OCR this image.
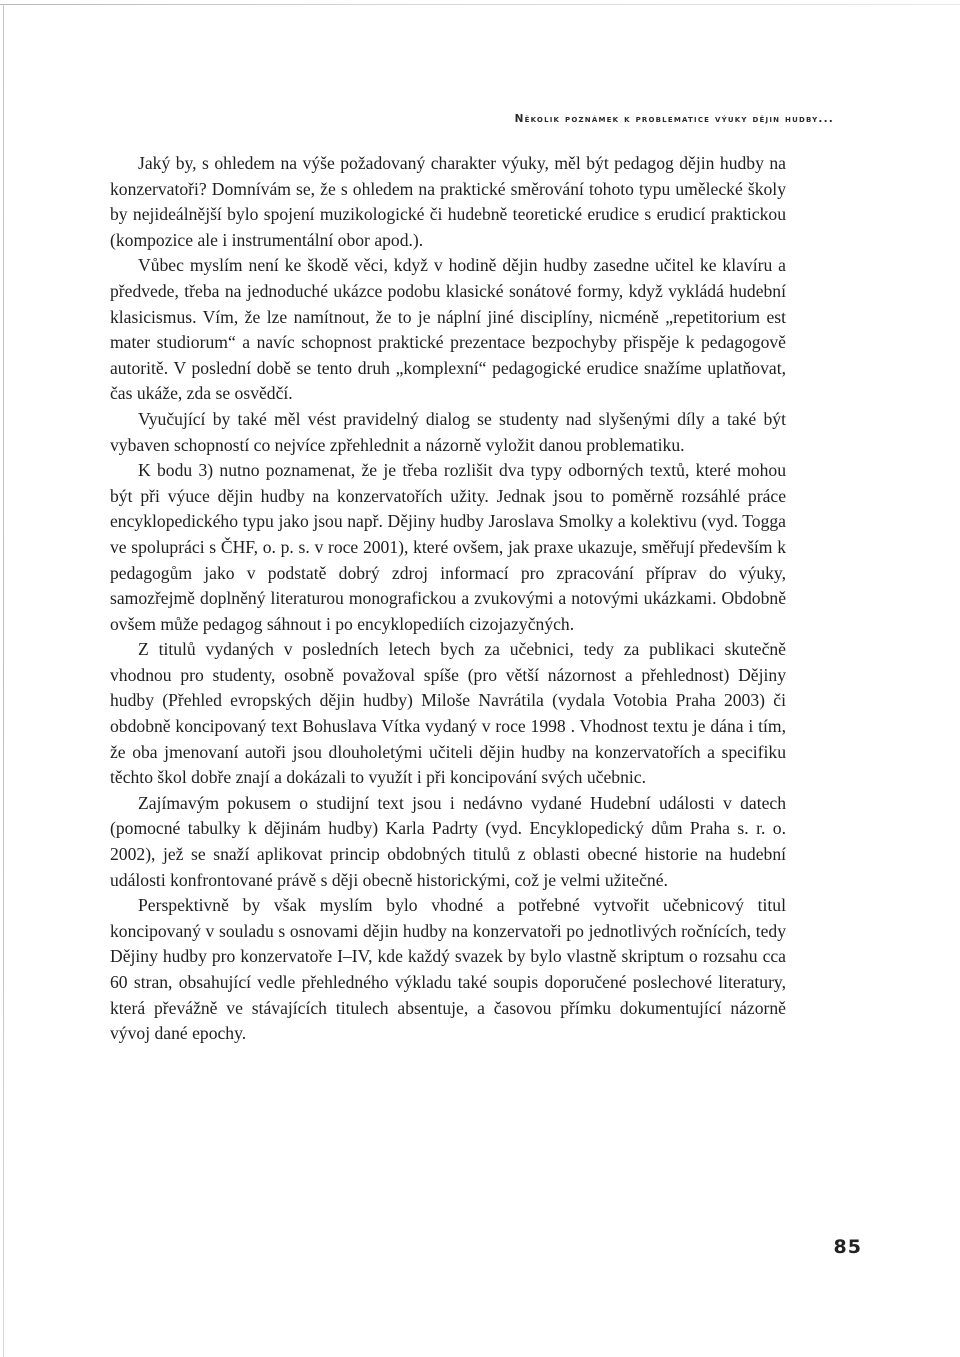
Několik poznámek k problematice výuky dějin hudby...

Jaký by, s ohledem na výše požadovaný charakter výuky, měl být pedagog dějin hudby na konzervatoři? Domnívám se, že s ohledem na praktické směrování tohoto typu umělecké školy by nejideálnější bylo spojení muzikologické či hudebně teoretické erudice s erudicí praktickou (kompozice ale i instrumentální obor apod.).

Vůbec myslím není ke škodě věci, když v hodině dějin hudby zasedne učitel ke klavíru a předvede, třeba na jednoduché ukázce podobu klasické sonátové formy, když vykládá hudební klasicismus. Vím, že lze namítnout, že to je náplní jiné disciplíny, nicméně „repetitorium est mater studiorum“ a navíc schopnost praktické prezentace bezpochyby přispěje k pedagogově autoritě. V poslední době se tento druh „komplexní“ pedagogické erudice snažíme uplatňovat, čas ukáže, zda se osvědčí.

Vyučující by také měl vést pravidelný dialog se studenty nad slyšenými díly a také být vybaven schopností co nejvíce zpřehlednit a názorně vyložit danou problematiku.

K bodu 3) nutno poznamenat, že je třeba rozlišit dva typy odborných textů, které mohou být při výuce dějin hudby na konzervatořích užity. Jednak jsou to poměrně rozsáhlé práce encyklopedického typu jako jsou např. Dějiny hudby Jaroslava Smolky a kolektivu (vyd. Togga ve spolupráci s ČHF, o. p. s. v roce 2001), které ovšem, jak praxe ukazuje, směřují především k pedagogům jako v podstatě dobrý zdroj informací pro zpracování příprav do výuky, samozřejmě doplněný literaturou monografickou a zvukovými a notovými ukázkami. Obdobně ovšem může pedagog sáhnout i po encyklopediích cizojazyčných.

Z titulů vydaných v posledních letech bych za učebnici, tedy za publikaci skutečně vhodnou pro studenty, osobně považoval spíše (pro větší názornost a přehlednost) Dějiny hudby (Přehled evropských dějin hudby) Miloše Navrátila (vydala Votobia Praha 2003) či obdobně koncipovaný text Bohuslava Vítka vydaný v roce 1998 . Vhodnost textu je dána i tím, že oba jmenovaní autoři jsou dlouholetými učiteli dějin hudby na konzervatořích a specifiku těchto škol dobře znají a dokázali to využít i při koncipování svých učebnic.

Zajímavým pokusem o studijní text jsou i nedávno vydané Hudební události v datech (pomocné tabulky k dějinám hudby) Karla Padrty (vyd. Encyklopedický dům Praha s. r. o. 2002), jež se snaží aplikovat princip obdobných titulů z oblasti obecné historie na hudební události konfrontované právě s ději obecně historickými, což je velmi užitečné.

Perspektivně by však myslím bylo vhodné a potřebné vytvořit učebnicový titul koncipovaný v souladu s osnovami dějin hudby na konzervatoři po jednotlivých ročnících, tedy Dějiny hudby pro konzervatoře I–IV, kde každý svazek by bylo vlastně skriptum o rozsahu cca 60 stran, obsahující vedle přehledného výkladu také soupis doporučené poslechové literatury, která převážně ve stávajících titulech absentuje, a časovou přímku dokumentující názorně vývoj dané epochy.

85
